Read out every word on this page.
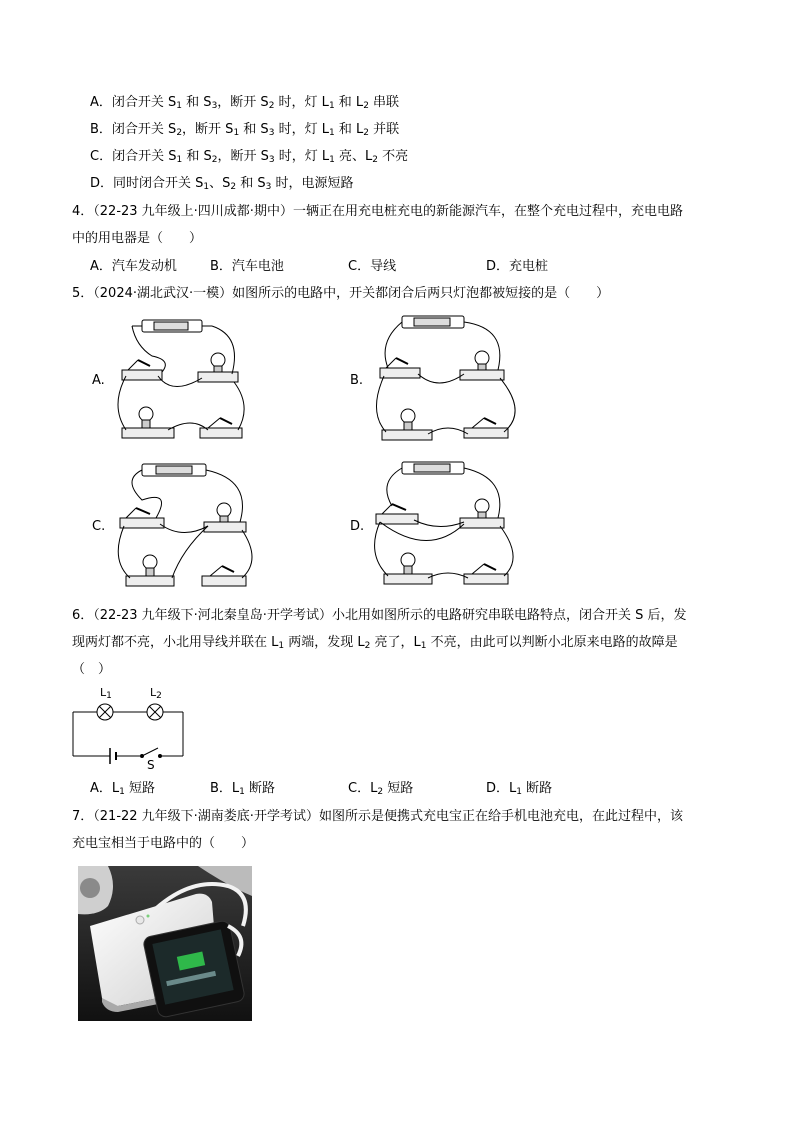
A．闭合开关 $S_1$ 和 $S_3$，断开 $S_2$ 时，灯 $L_1$ 和 $L_2$ 串联
B．闭合开关 $S_2$，断开 $S_1$ 和 $S_3$ 时，灯 $L_1$ 和 $L_2$ 并联
C．闭合开关 $S_1$ 和 $S_2$，断开 $S_3$ 时，灯 $L_1$ 亮、$L_2$ 不亮
D．同时闭合开关 $S_1$、$S_2$ 和 $S_3$ 时，电源短路
4．（22-23 九年级上·四川成都·期中）一辆正在用充电桩充电的新能源汽车，在整个充电过程中，充电电路
中的用电器是（　　）
A．汽车发动机	B．汽车电池	C．导线	D．充电桩
5．（2024·湖北武汉·一模）如图所示的电路中，开关都闭合后两只灯泡都被短接的是（　　）
A.	B.
C.	D.
6．（22-23 九年级下·河北秦皇岛·开学考试）小北用如图所示的电路研究串联电路特点，闭合开关 S 后，发
现两灯都不亮，小北用导线并联在 $L_1$ 两端，发现 $L_2$ 亮了，$L_1$ 不亮，由此可以判断小北原来电路的故障是
（　）
$L_1$	$L_2$
S
A．$L_1$ 短路	B．$L_1$ 断路	C．$L_2$ 短路	D．$L_1$ 断路
7．（21-22 九年级下·湖南娄底·开学考试）如图所示是便携式充电宝正在给手机电池充电，在此过程中，该
充电宝相当于电路中的（　　）
